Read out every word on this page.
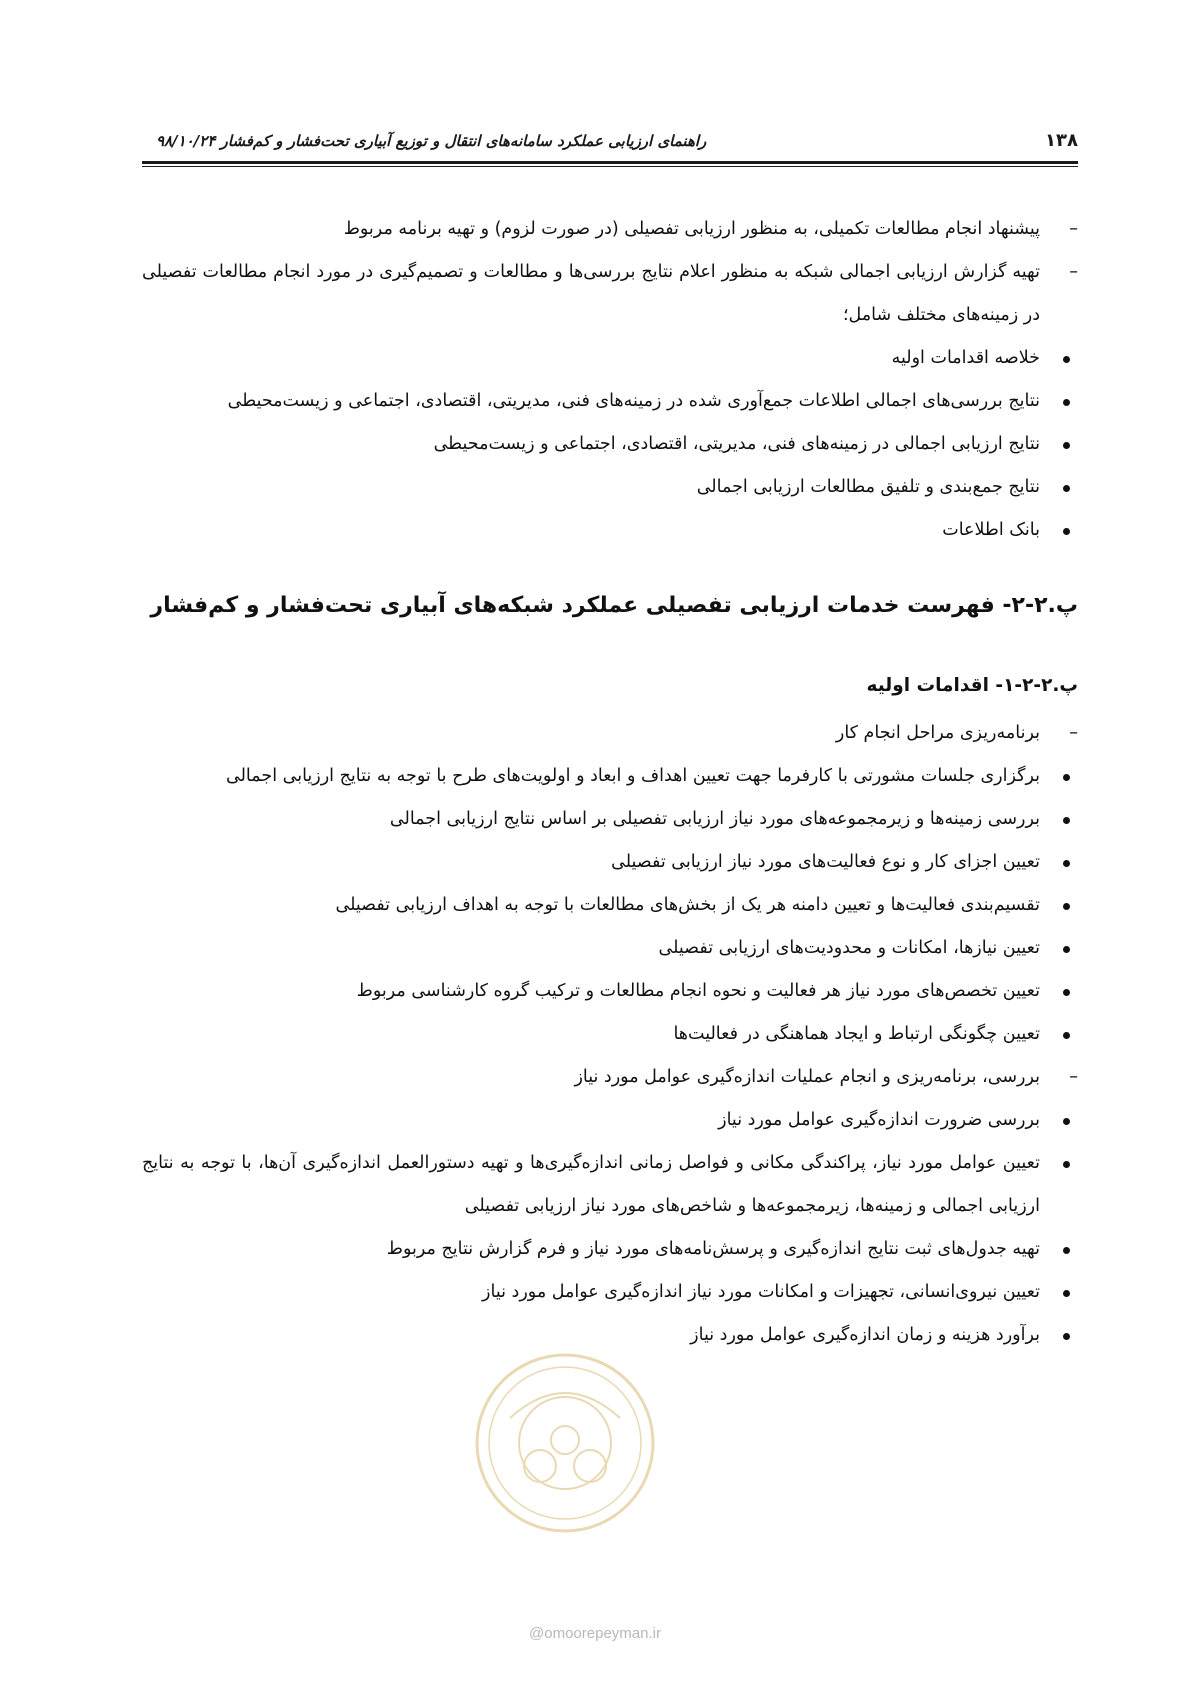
۱۳۸
راهنمای ارزیابی عملکرد سامانه‌های انتقال و توزیع آبیاری تحت‌فشار و کم‌فشار ۹۸/۱۰/۲۴
– پیشنهاد انجام مطالعات تکمیلی، به منظور ارزیابی تفصیلی (در صورت لزوم) و تهیه برنامه مربوط
– تهیه گزارش ارزیابی اجمالی شبکه به منظور اعلام نتایج بررسی‌ها و مطالعات و تصمیم‌گیری در مورد انجام مطالعات تفصیلی در زمینه‌های مختلف شامل؛
خلاصه اقدامات اولیه
نتایج بررسی‌های اجمالی اطلاعات جمع‌آوری شده در زمینه‌های فنی، مدیریتی، اقتصادی، اجتماعی و زیست‌محیطی
نتایج ارزیابی اجمالی در زمینه‌های فنی، مدیریتی، اقتصادی، اجتماعی و زیست‌محیطی
نتایج جمع‌بندی و تلفیق مطالعات ارزیابی اجمالی
بانک اطلاعات
پ.۲-۲- فهرست خدمات ارزیابی تفصیلی عملکرد شبکه‌های آبیاری تحت‌فشار و کم‌فشار
پ.۲-۲-۱- اقدامات اولیه
– برنامه‌ریزی مراحل انجام کار
برگزاری جلسات مشورتی با کارفرما جهت تعیین اهداف و ابعاد و اولویت‌های طرح با توجه به نتایج ارزیابی اجمالی
بررسی زمینه‌ها و زیرمجموعه‌های مورد نیاز ارزیابی تفصیلی بر اساس نتایج ارزیابی اجمالی
تعیین اجزای کار و نوع فعالیت‌های مورد نیاز ارزیابی تفصیلی
تقسیم‌بندی فعالیت‌ها و تعیین دامنه هر یک از بخش‌های مطالعات با توجه به اهداف ارزیابی تفصیلی
تعیین نیازها، امکانات و محدودیت‌های ارزیابی تفصیلی
تعیین تخصص‌های مورد نیاز هر فعالیت و نحوه انجام مطالعات و ترکیب گروه کارشناسی مربوط
تعیین چگونگی ارتباط و ایجاد هماهنگی در فعالیت‌ها
– بررسی، برنامه‌ریزی و انجام عملیات اندازه‌گیری عوامل مورد نیاز
بررسی ضرورت اندازه‌گیری عوامل مورد نیاز
تعیین عوامل مورد نیاز، پراکندگی مکانی و فواصل زمانی اندازه‌گیری‌ها و تهیه دستورالعمل اندازه‌گیری آن‌ها، با توجه به نتایج ارزیابی اجمالی و زمینه‌ها، زیرمجموعه‌ها و شاخص‌های مورد نیاز ارزیابی تفصیلی
تهیه جدول‌های ثبت نتایج اندازه‌گیری و پرسش‌نامه‌های مورد نیاز و فرم گزارش نتایج مربوط
تعیین نیروی‌انسانی، تجهیزات و امکانات مورد نیاز اندازه‌گیری عوامل مورد نیاز
برآورد هزینه و زمان اندازه‌گیری عوامل مورد نیاز
@omoorepeyman.ir
